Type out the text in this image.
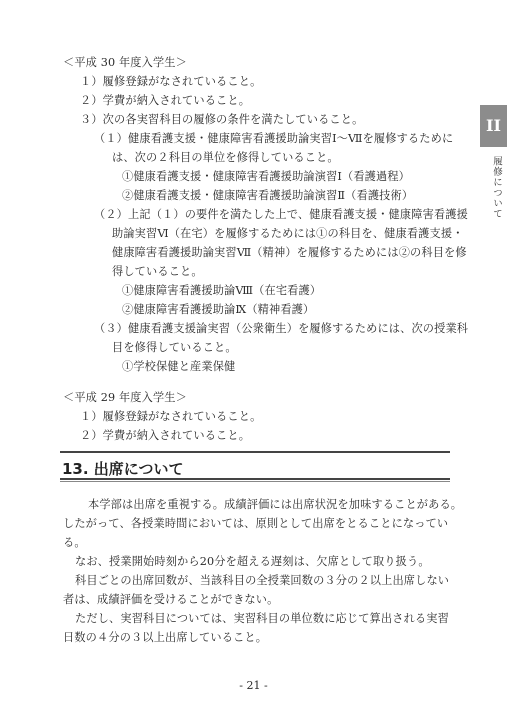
II
履修について
＜平成 30 年度入学生＞
１）履修登録がなされていること。
２）学費が納入されていること。
３）次の各実習科目の履修の条件を満たしていること。
（１）健康看護支援・健康障害看護援助論実習Ⅰ～Ⅶを履修するために
は、次の２科目の単位を修得していること。
①健康看護支援・健康障害看護援助論演習Ⅰ（看護過程）
②健康看護支援・健康障害看護援助論演習Ⅱ（看護技術）
（２）上記（１）の要件を満たした上で、健康看護支援・健康障害看護援
助論実習Ⅵ（在宅）を履修するためには①の科目を、健康看護支援・
健康障害看護援助論実習Ⅶ（精神）を履修するためには②の科目を修
得していること。
①健康障害看護援助論Ⅷ（在宅看護）
②健康障害看護援助論Ⅸ（精神看護）
（３）健康看護支援論実習（公衆衛生）を履修するためには、次の授業科
目を修得していること。
①学校保健と産業保健
＜平成 29 年度入学生＞
１）履修登録がなされていること。
２）学費が納入されていること。
13. 出席について
本学部は出席を重視する。成績評価には出席状況を加味することがある。
したがって、各授業時間においては、原則として出席をとることになってい
る。
なお、授業開始時刻から20分を超える遅刻は、欠席として取り扱う。
科目ごとの出席回数が、当該科目の全授業回数の３分の２以上出席しない
者は、成績評価を受けることができない。
ただし、実習科目については、実習科目の単位数に応じて算出される実習
日数の４分の３以上出席していること。
- 21 -
